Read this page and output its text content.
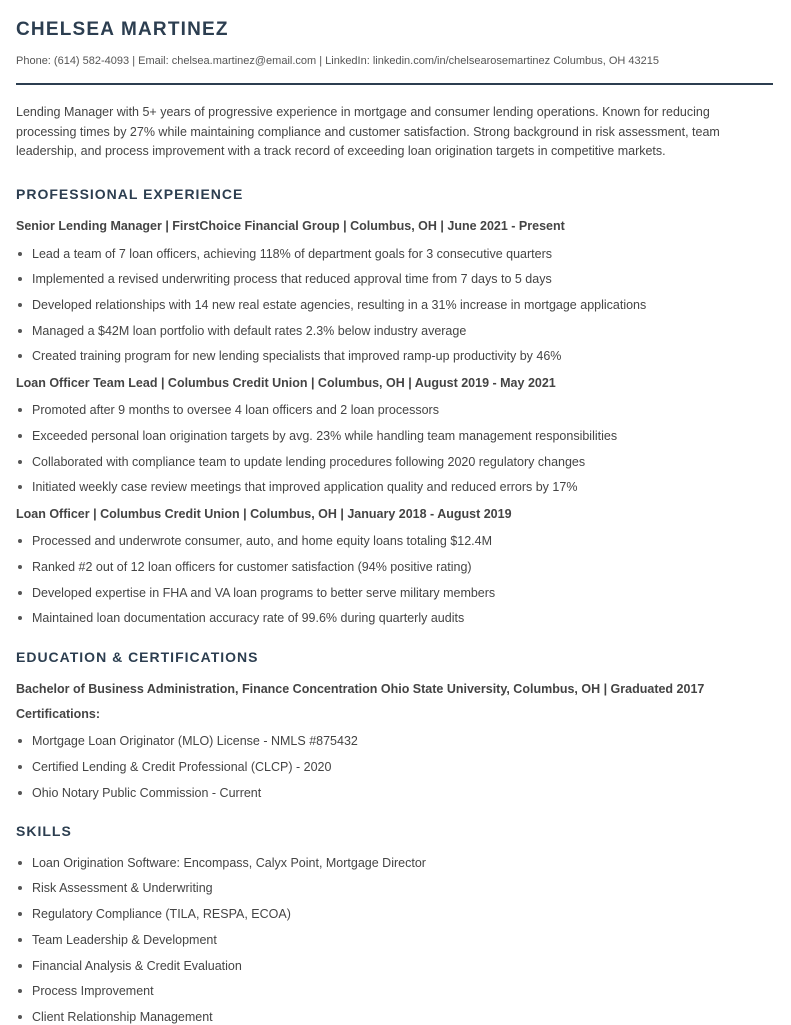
CHELSEA MARTINEZ
Phone: (614) 582-4093 | Email: chelsea.martinez@email.com | LinkedIn: linkedin.com/in/chelsearosemartinez Columbus, OH 43215
Lending Manager with 5+ years of progressive experience in mortgage and consumer lending operations. Known for reducing processing times by 27% while maintaining compliance and customer satisfaction. Strong background in risk assessment, team leadership, and process improvement with a track record of exceeding loan origination targets in competitive markets.
PROFESSIONAL EXPERIENCE
Senior Lending Manager | FirstChoice Financial Group | Columbus, OH | June 2021 - Present
Lead a team of 7 loan officers, achieving 118% of department goals for 3 consecutive quarters
Implemented a revised underwriting process that reduced approval time from 7 days to 5 days
Developed relationships with 14 new real estate agencies, resulting in a 31% increase in mortgage applications
Managed a $42M loan portfolio with default rates 2.3% below industry average
Created training program for new lending specialists that improved ramp-up productivity by 46%
Loan Officer Team Lead | Columbus Credit Union | Columbus, OH | August 2019 - May 2021
Promoted after 9 months to oversee 4 loan officers and 2 loan processors
Exceeded personal loan origination targets by avg. 23% while handling team management responsibilities
Collaborated with compliance team to update lending procedures following 2020 regulatory changes
Initiated weekly case review meetings that improved application quality and reduced errors by 17%
Loan Officer | Columbus Credit Union | Columbus, OH | January 2018 - August 2019
Processed and underwrote consumer, auto, and home equity loans totaling $12.4M
Ranked #2 out of 12 loan officers for customer satisfaction (94% positive rating)
Developed expertise in FHA and VA loan programs to better serve military members
Maintained loan documentation accuracy rate of 99.6% during quarterly audits
EDUCATION & CERTIFICATIONS
Bachelor of Business Administration, Finance Concentration Ohio State University, Columbus, OH | Graduated 2017
Certifications:
Mortgage Loan Originator (MLO) License - NMLS #875432
Certified Lending & Credit Professional (CLCP) - 2020
Ohio Notary Public Commission - Current
SKILLS
Loan Origination Software: Encompass, Calyx Point, Mortgage Director
Risk Assessment & Underwriting
Regulatory Compliance (TILA, RESPA, ECOA)
Team Leadership & Development
Financial Analysis & Credit Evaluation
Process Improvement
Client Relationship Management
